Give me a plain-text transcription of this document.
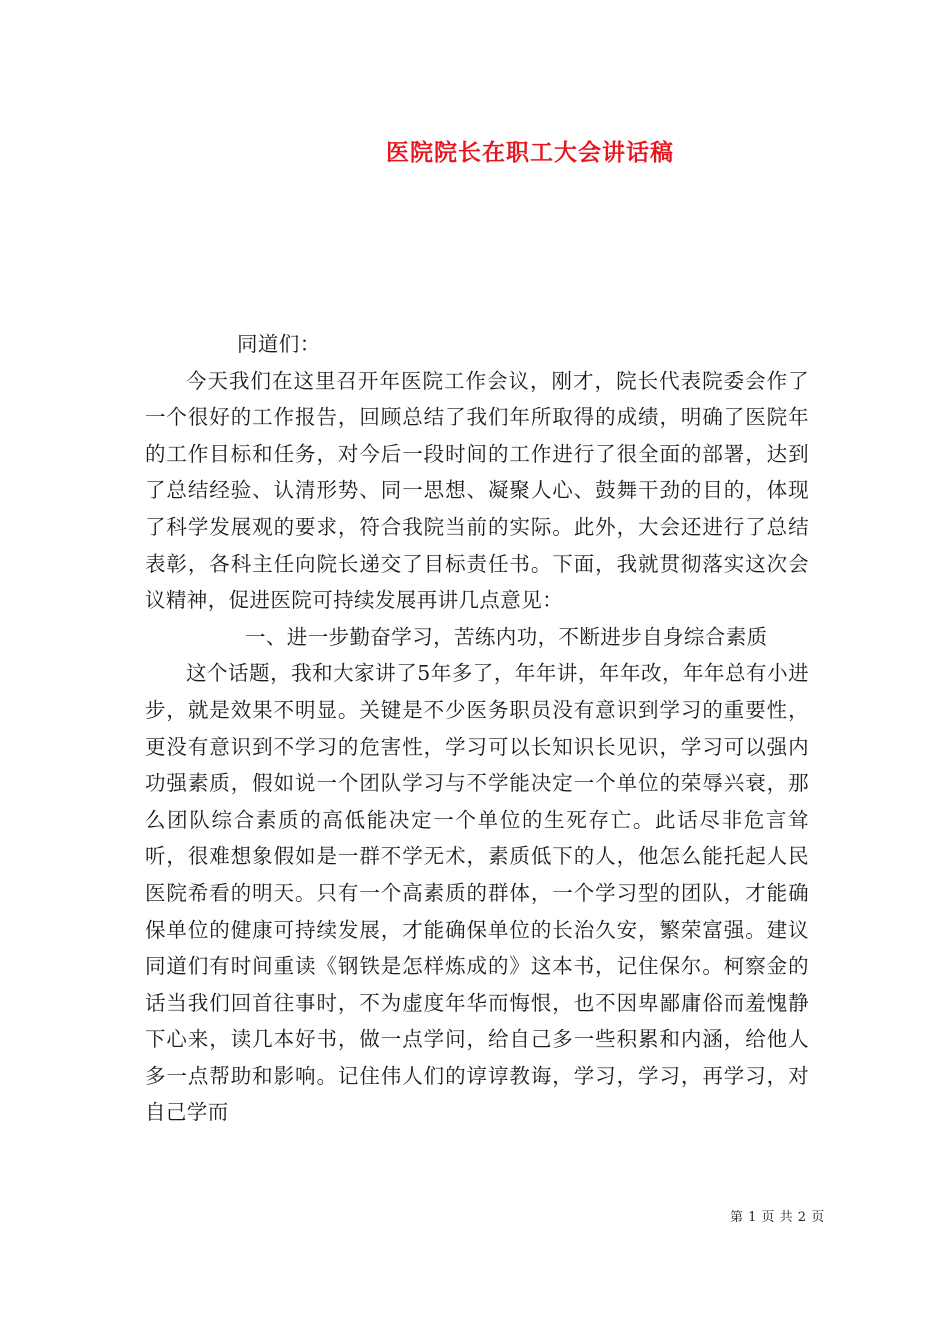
医院院长在职工大会讲话稿

同道们：

今天我们在这里召开年医院工作会议，刚才，院长代表院委会作了一个很好的工作报告，回顾总结了我们年所取得的成绩，明确了医院年的工作目标和任务，对今后一段时间的工作进行了很全面的部署，达到了总结经验、认清形势、同一思想、凝聚人心、鼓舞干劲的目的，体现了科学发展观的要求，符合我院当前的实际。此外，大会还进行了总结表彰，各科主任向院长递交了目标责任书。下面，我就贯彻落实这次会议精神，促进医院可持续发展再讲几点意见：

一、进一步勤奋学习，苦练内功，不断进步自身综合素质

这个话题，我和大家讲了5年多了，年年讲，年年改，年年总有小进步，就是效果不明显。关键是不少医务职员没有意识到学习的重要性，更没有意识到不学习的危害性，学习可以长知识长见识，学习可以强内功强素质，假如说一个团队学习与不学能决定一个单位的荣辱兴衰，那么团队综合素质的高低能决定一个单位的生死存亡。此话尽非危言耸听，很难想象假如是一群不学无术，素质低下的人，他怎么能托起人民医院希看的明天。只有一个高素质的群体，一个学习型的团队，才能确保单位的健康可持续发展，才能确保单位的长治久安，繁荣富强。建议同道们有时间重读《钢铁是怎样炼成的》这本书，记住保尔。柯察金的话当我们回首往事时，不为虚度年华而悔恨，也不因卑鄙庸俗而羞愧静下心来，读几本好书，做一点学问，给自己多一些积累和内涵，给他人多一点帮助和影响。记住伟人们的谆谆教诲，学习，学习，再学习，对自己学而

第 1 页 共 2 页
